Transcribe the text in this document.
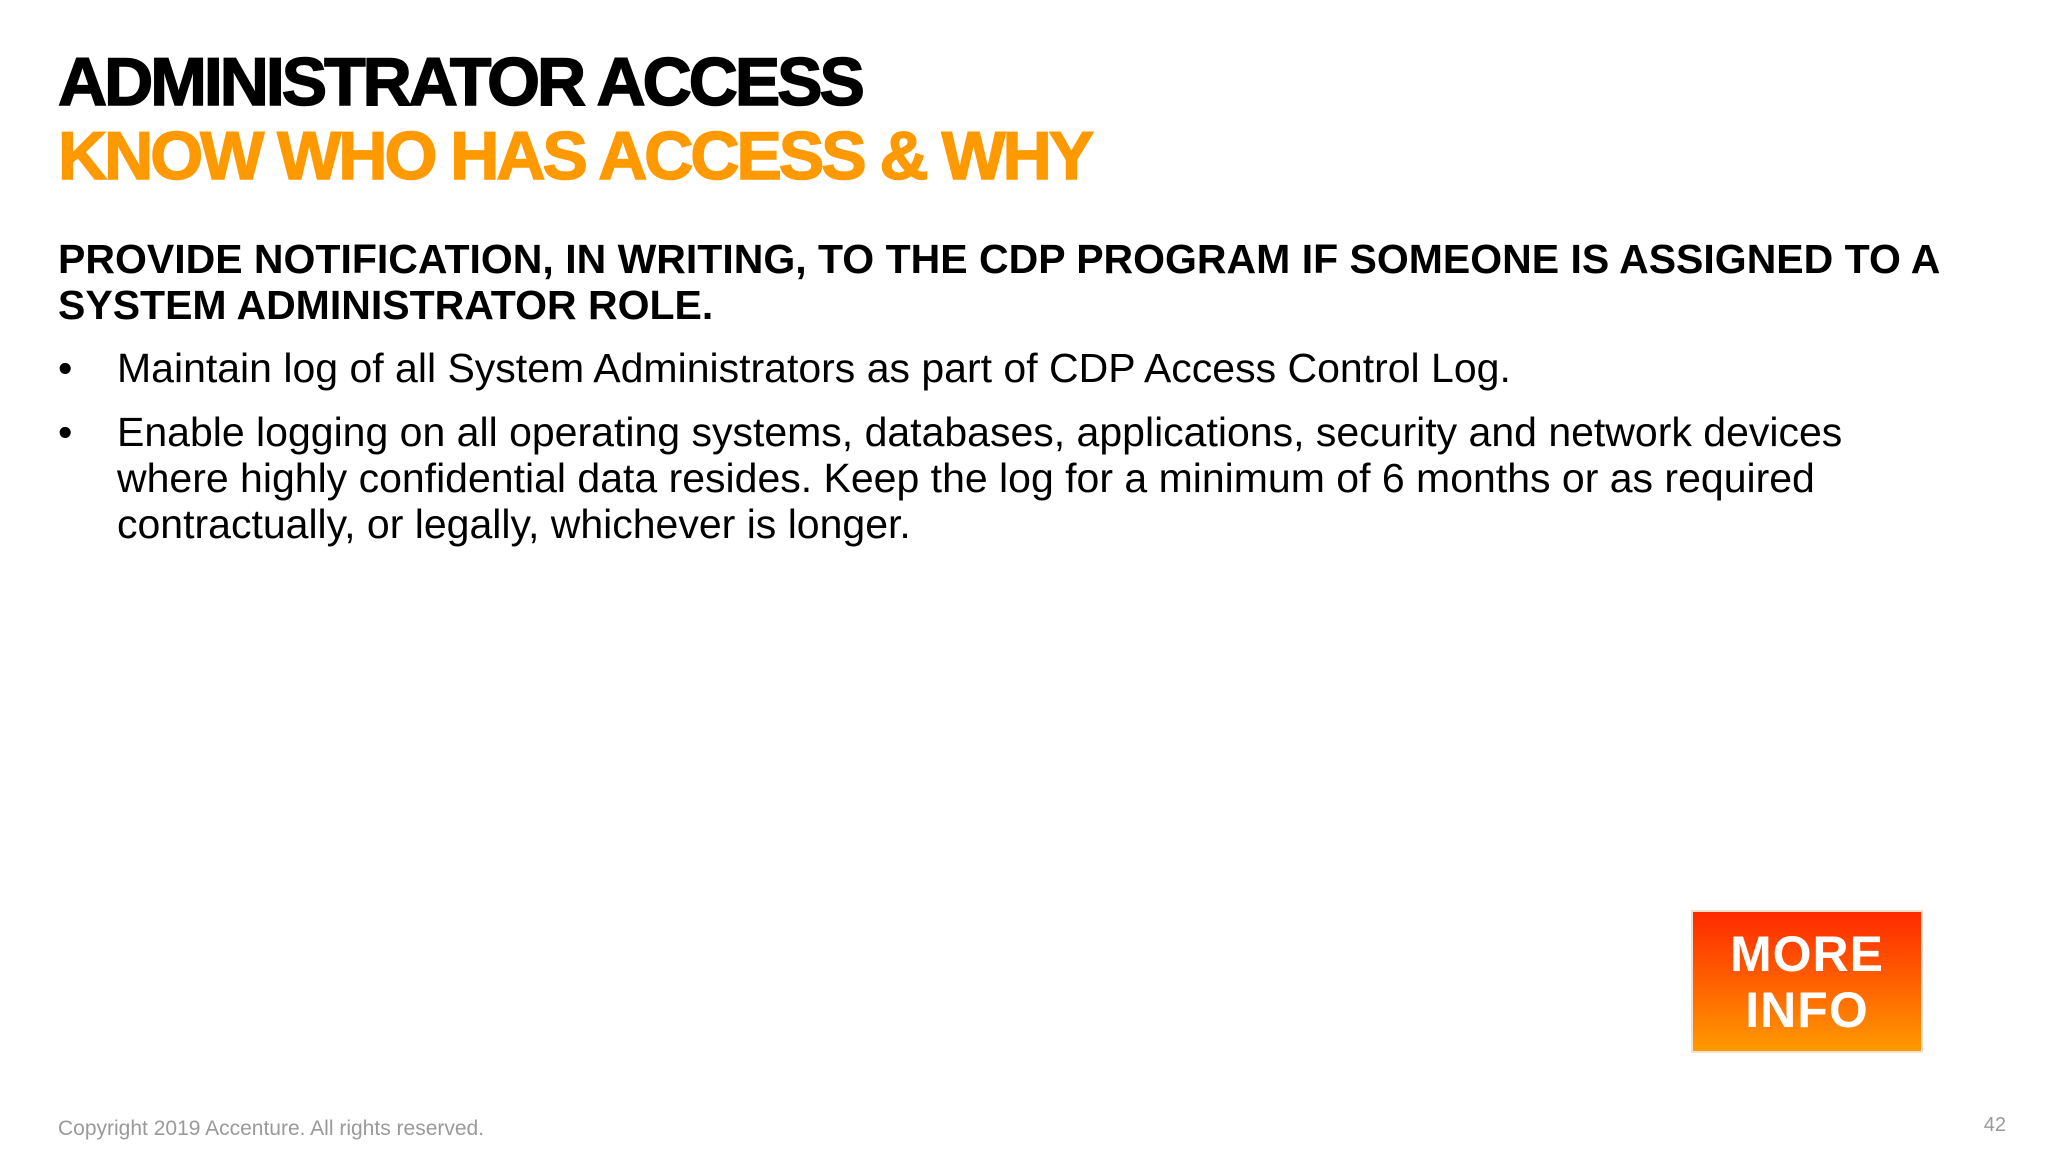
ADMINISTRATOR ACCESS
KNOW WHO HAS ACCESS & WHY

PROVIDE NOTIFICATION, IN WRITING, TO THE CDP PROGRAM IF SOMEONE IS ASSIGNED TO A SYSTEM ADMINISTRATOR ROLE.

• Maintain log of all System Administrators as part of CDP Access Control Log.
• Enable logging on all operating systems, databases, applications, security and network devices where highly confidential data resides. Keep the log for a minimum of 6 months or as required contractually, or legally, whichever is longer.
MORE
INFO
Copyright 2019 Accenture. All rights reserved.	42
